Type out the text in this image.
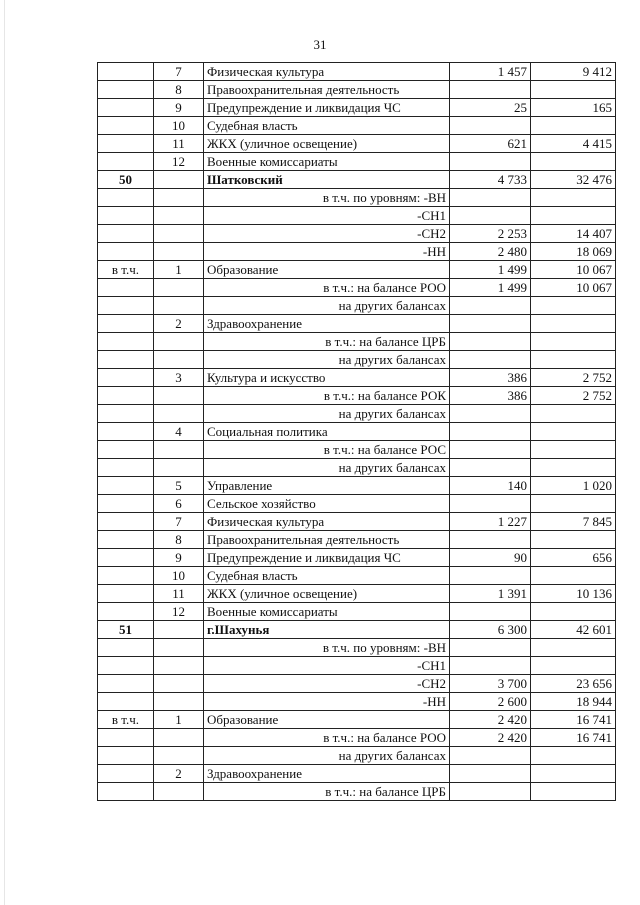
31
	7	Физическая культура	1 457	9 412
	8	Правоохранительная деятельность		
	9	Предупреждение и ликвидация ЧС	25	165
	10	Судебная власть		
	11	ЖКХ (уличное освещение)	621	4 415
	12	Военные комиссариаты		
50		Шатковский	4 733	32 476
		в т.ч. по уровням: -ВН		
		-СН1		
		-СН2	2 253	14 407
		-НН	2 480	18 069
в т.ч.	1	Образование	1 499	10 067
		в т.ч.: на балансе РОО	1 499	10 067
		на других балансах		
	2	Здравоохранение		
		в т.ч.: на балансе ЦРБ		
		на других балансах		
	3	Культура и искусство	386	2 752
		в т.ч.: на балансе РОК	386	2 752
		на других балансах		
	4	Социальная политика		
		в т.ч.: на балансе РОС		
		на других балансах		
	5	Управление	140	1 020
	6	Сельское хозяйство		
	7	Физическая культура	1 227	7 845
	8	Правоохранительная деятельность		
	9	Предупреждение и ликвидация ЧС	90	656
	10	Судебная власть		
	11	ЖКХ (уличное освещение)	1 391	10 136
	12	Военные комиссариаты		
51		г.Шахунья	6 300	42 601
		в т.ч. по уровням: -ВН		
		-СН1		
		-СН2	3 700	23 656
		-НН	2 600	18 944
в т.ч.	1	Образование	2 420	16 741
		в т.ч.: на балансе РОО	2 420	16 741
		на других балансах		
	2	Здравоохранение		
		в т.ч.: на балансе ЦРБ		
